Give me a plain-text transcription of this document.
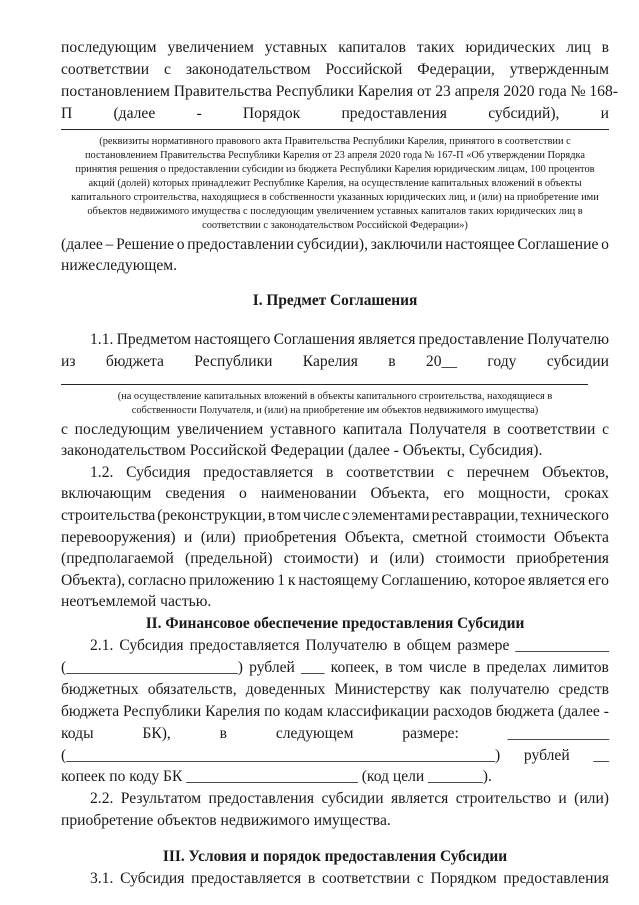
последующим увеличением уставных капиталов таких юридических лиц в
соответствии с законодательством Российской Федерации, утвержденным
постановлением Правительства Республики Карелия от 23 апреля 2020 года № 168-
П	(далее	-	Порядок	предоставления	субсидий),	и
(реквизиты нормативного правового акта Правительства Республики Карелия, принятого в соответствии с
постановлением Правительства Республики Карелия от 23 апреля 2020 года № 167-П «Об утверждении Порядка
принятия решения о предоставлении субсидии из бюджета Республики Карелия юридическим лицам, 100 процентов
акций (долей) которых принадлежит Республике Карелия, на осуществление капитальных вложений в объекты
капитального строительства, находящиеся в собственности указанных юридических лиц, и (или) на приобретение ими
объектов недвижимого имущества с последующим увеличением уставных капиталов таких юридических лиц в
соответствии с законодательством Российской Федерации»)
(далее – Решение о предоставлении субсидии), заключили настоящее Соглашение о
нижеследующем.
I. Предмет Соглашения
1.1. Предметом настоящего Соглашения является предоставление Получателю
из бюджета Республики Карелия в 20__ году субсидии
(на осуществление капитальных вложений в объекты капитального строительства, находящиеся в
собственности Получателя, и (или) на приобретение им объектов недвижимого имущества)
с последующим увеличением уставного капитала Получателя в соответствии с
законодательством Российской Федерации (далее - Объекты, Субсидия).
1.2. Субсидия предоставляется в соответствии с перечнем Объектов,
включающим сведения о наименовании Объекта, его мощности, сроках
строительства (реконструкции, в том числе с элементами реставрации, технического
перевооружения) и (или) приобретения Объекта, сметной стоимости Объекта
(предполагаемой (предельной) стоимости) и (или) стоимости приобретения
Объекта), согласно приложению 1 к настоящему Соглашению, которое является его
неотъемлемой частью.
II. Финансовое обеспечение предоставления Субсидии
2.1. Субсидия предоставляется Получателю в общем размере ____________
(______________________) рублей ___ копеек, в том числе в пределах лимитов
бюджетных обязательств, доведенных Министерству как получателю средств
бюджета Республики Карелия по кодам классификации расходов бюджета (далее -
коды	БК),	в	следующем	размере:	_____________
(_______________________________________________________) рублей __
копеек по коду БК ______________________ (код цели _______).
2.2. Результатом предоставления субсидии является строительство и (или)
приобретение объектов недвижимого имущества.
III. Условия и порядок предоставления Субсидии
3.1. Субсидия предоставляется в соответствии с Порядком предоставления
